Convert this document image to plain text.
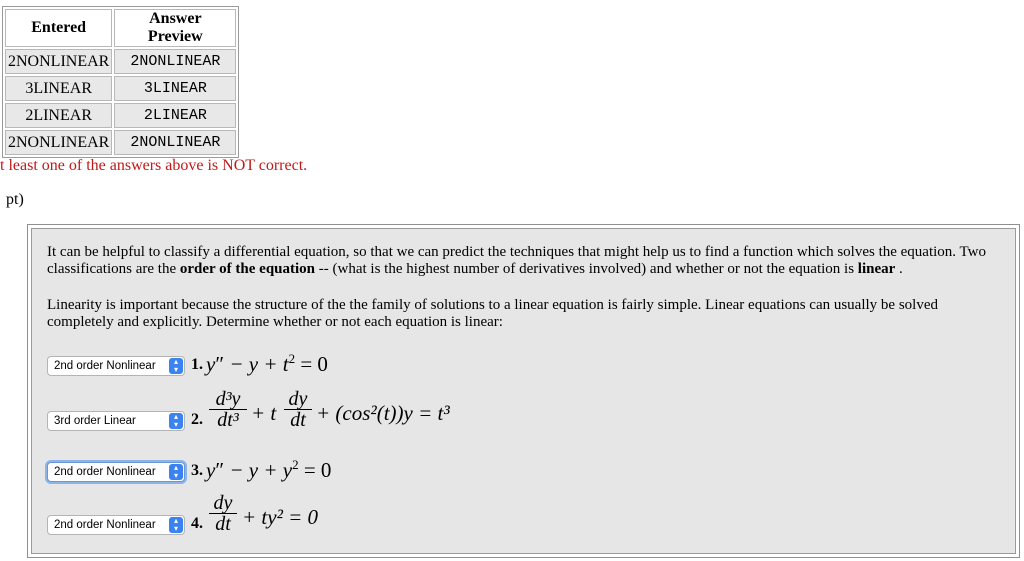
Entered	Answer Preview
2NONLINEAR	2NONLINEAR
3LINEAR	3LINEAR
2LINEAR	2LINEAR
2NONLINEAR	2NONLINEAR
t least one of the answers above is NOT correct.
pt)
It can be helpful to classify a differential equation, so that we can predict the techniques that might help us to find a function which solves the equation. Two classifications are the order of the equation -- (what is the highest number of derivatives involved) and whether or not the equation is linear .
Linearity is important because the structure of the the family of solutions to a linear equation is fairly simple. Linear equations can usually be solved completely and explicitly. Determine whether or not each equation is linear:
2nd order Nonlinear	▴
▾ 1. $y'' - y + t^2 = 0$
3rd order Linear	▴
▾ 2. $\frac{\text{d³y}}{\text{dt³}} + t \frac{dy}{dt} + (\cos^2(t))y = t^3$
2nd order Nonlinear	▴
▾ 3. $y'' - y + y^2 = 0$
2nd order Nonlinear	▴
▾ 4. $\frac{dy}{dt} + ty^2 = 0$
